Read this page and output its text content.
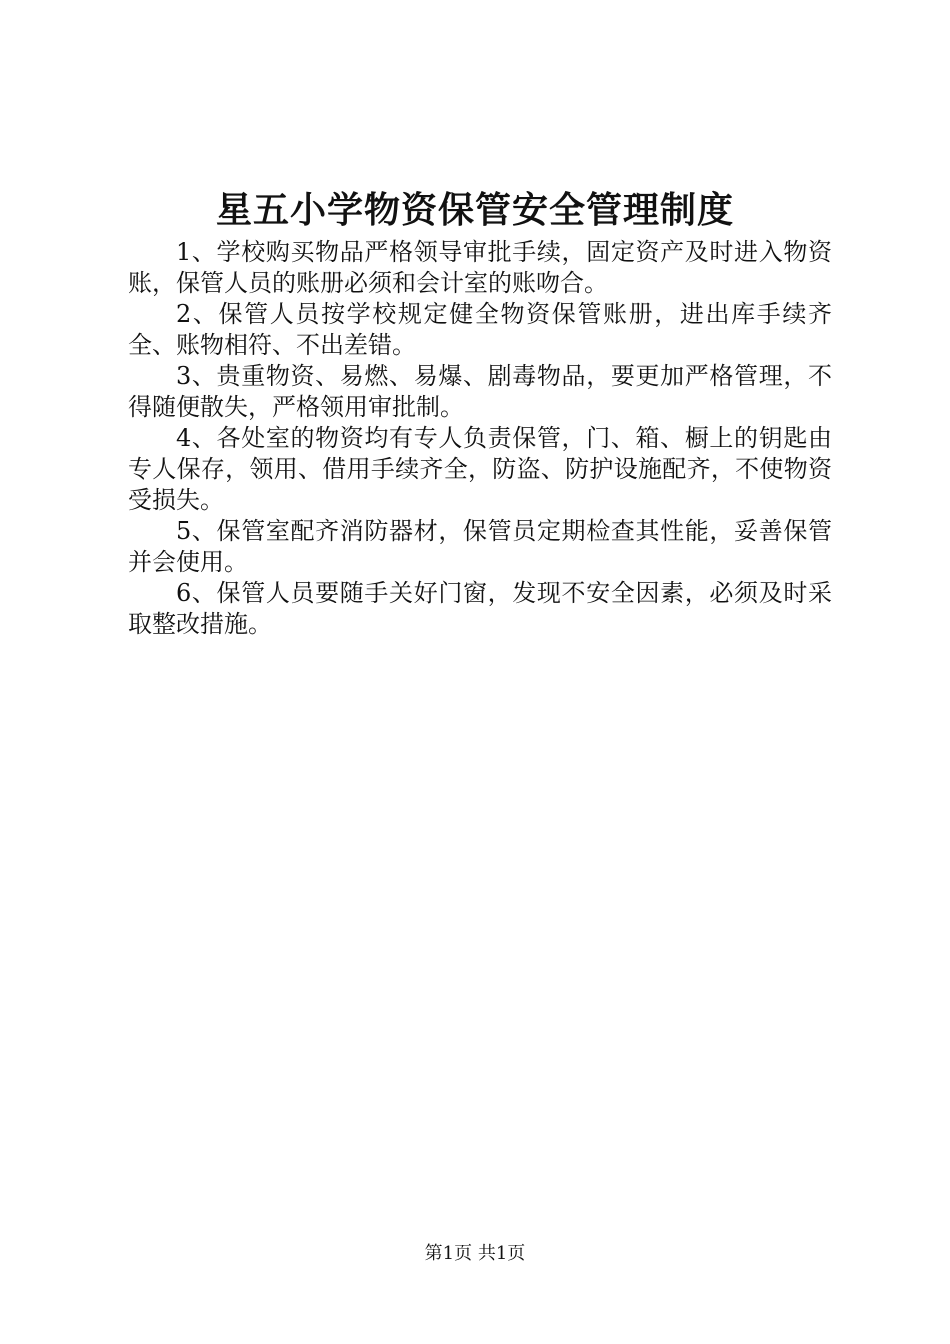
星五小学物资保管安全管理制度

1、学校购买物品严格领导审批手续，固定资产及时进入物资账，保管人员的账册必须和会计室的账吻合。

2、保管人员按学校规定健全物资保管账册，进出库手续齐全、账物相符、不出差错。

3、贵重物资、易燃、易爆、剧毒物品，要更加严格管理，不得随便散失，严格领用审批制。

4、各处室的物资均有专人负责保管，门、箱、橱上的钥匙由专人保存，领用、借用手续齐全，防盗、防护设施配齐，不使物资受损失。

5、保管室配齐消防器材，保管员定期检查其性能，妥善保管并会使用。

6、保管人员要随手关好门窗，发现不安全因素，必须及时采取整改措施。

第1页 共1页
